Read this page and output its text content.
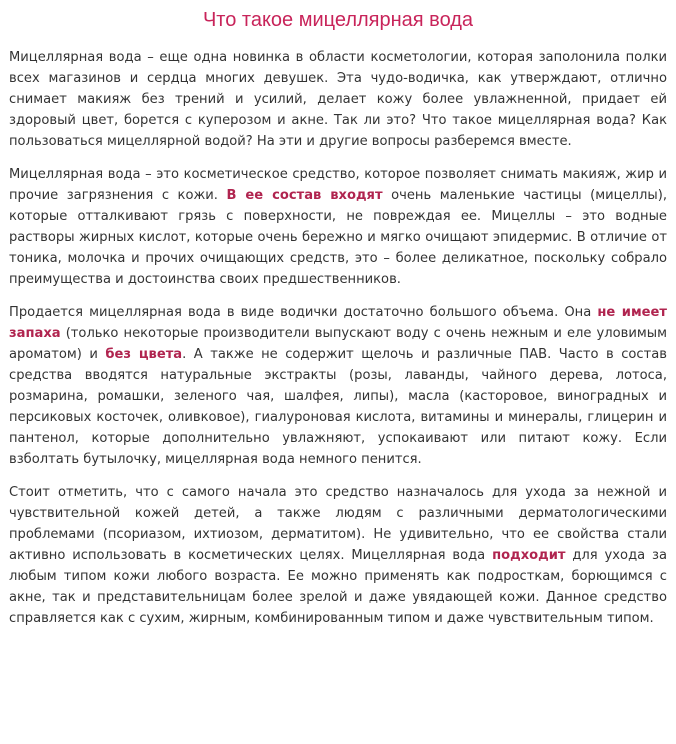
Что такое мицеллярная вода

Мицеллярная вода – еще одна новинка в области косметологии, которая заполонила полки всех магазинов и сердца многих девушек. Эта чудо-водичка, как утверждают, отлично снимает макияж без трений и усилий, делает кожу более увлажненной, придает ей здоровый цвет, борется с куперозом и акне. Так ли это? Что такое мицеллярная вода? Как пользоваться мицеллярной водой? На эти и другие вопросы разберемся вместе.

Мицеллярная вода – это косметическое средство, которое позволяет снимать макияж, жир и прочие загрязнения с кожи. В ее состав входят очень маленькие частицы (мицеллы), которые отталкивают грязь с поверхности, не повреждая ее. Мицеллы – это водные растворы жирных кислот, которые очень бережно и мягко очищают эпидермис. В отличие от тоника, молочка и прочих очищающих средств, это – более деликатное, поскольку собрало преимущества и достоинства своих предшественников.

Продается мицеллярная вода в виде водички достаточно большого объема. Она не имеет запаха (только некоторые производители выпускают воду с очень нежным и еле уловимым ароматом) и без цвета. А также не содержит щелочь и различные ПАВ. Часто в состав средства вводятся натуральные экстракты (розы, лаванды, чайного дерева, лотоса, розмарина, ромашки, зеленого чая, шалфея, липы), масла (касторовое, виноградных и персиковых косточек, оливковое), гиалуроновая кислота, витамины и минералы, глицерин и пантенол, которые дополнительно увлажняют, успокаивают или питают кожу. Если взболтать бутылочку, мицеллярная вода немного пенится.

Стоит отметить, что с самого начала это средство назначалось для ухода за нежной и чувствительной кожей детей, а также людям с различными дерматологическими проблемами (псориазом, ихтиозом, дерматитом). Не удивительно, что ее свойства стали активно использовать в косметических целях. Мицеллярная вода подходит для ухода за любым типом кожи любого возраста. Ее можно применять как подросткам, борющимся с акне, так и представительницам более зрелой и даже увядающей кожи. Данное средство справляется как с сухим, жирным, комбинированным типом и даже чувствительным типом.
